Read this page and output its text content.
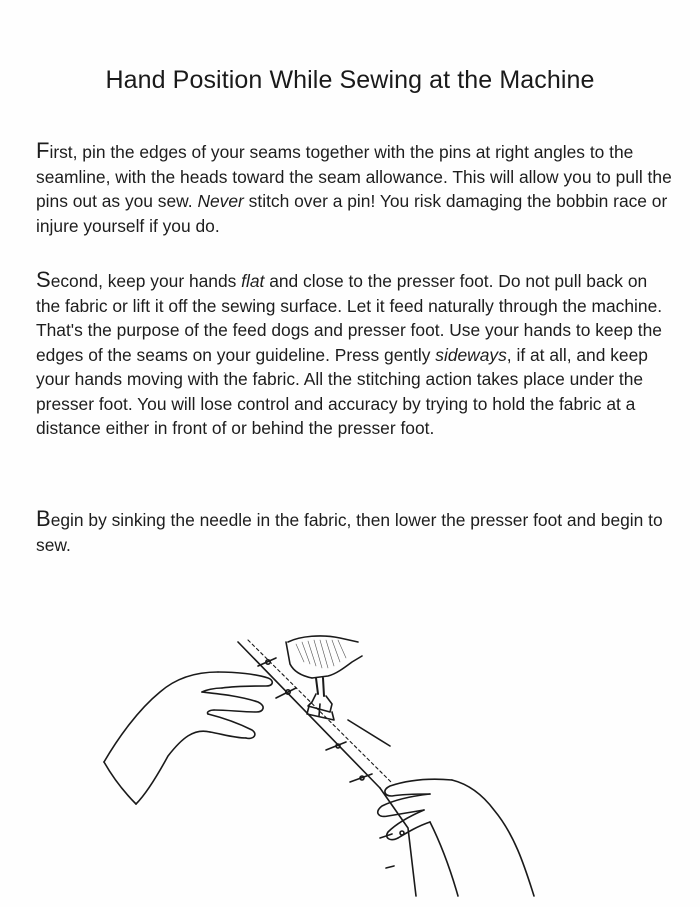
Hand Position While Sewing at the Machine

First, pin the edges of your seams together with the pins at right angles to the seamline, with the heads toward the seam allowance. This will allow you to pull the pins out as you sew. Never stitch over a pin! You risk damaging the bobbin race or injure yourself if you do.

Second, keep your hands flat and close to the presser foot. Do not pull back on the fabric or lift it off the sewing surface. Let it feed naturally through the machine. That's the purpose of the feed dogs and presser foot. Use your hands to keep the edges of the seams on your guideline. Press gently sideways, if at all, and keep your hands moving with the fabric. All the stitching action takes place under the presser foot. You will lose control and accuracy by trying to hold the fabric at a distance either in front of or behind the presser foot.

Begin by sinking the needle in the fabric, then lower the presser foot and begin to sew.
